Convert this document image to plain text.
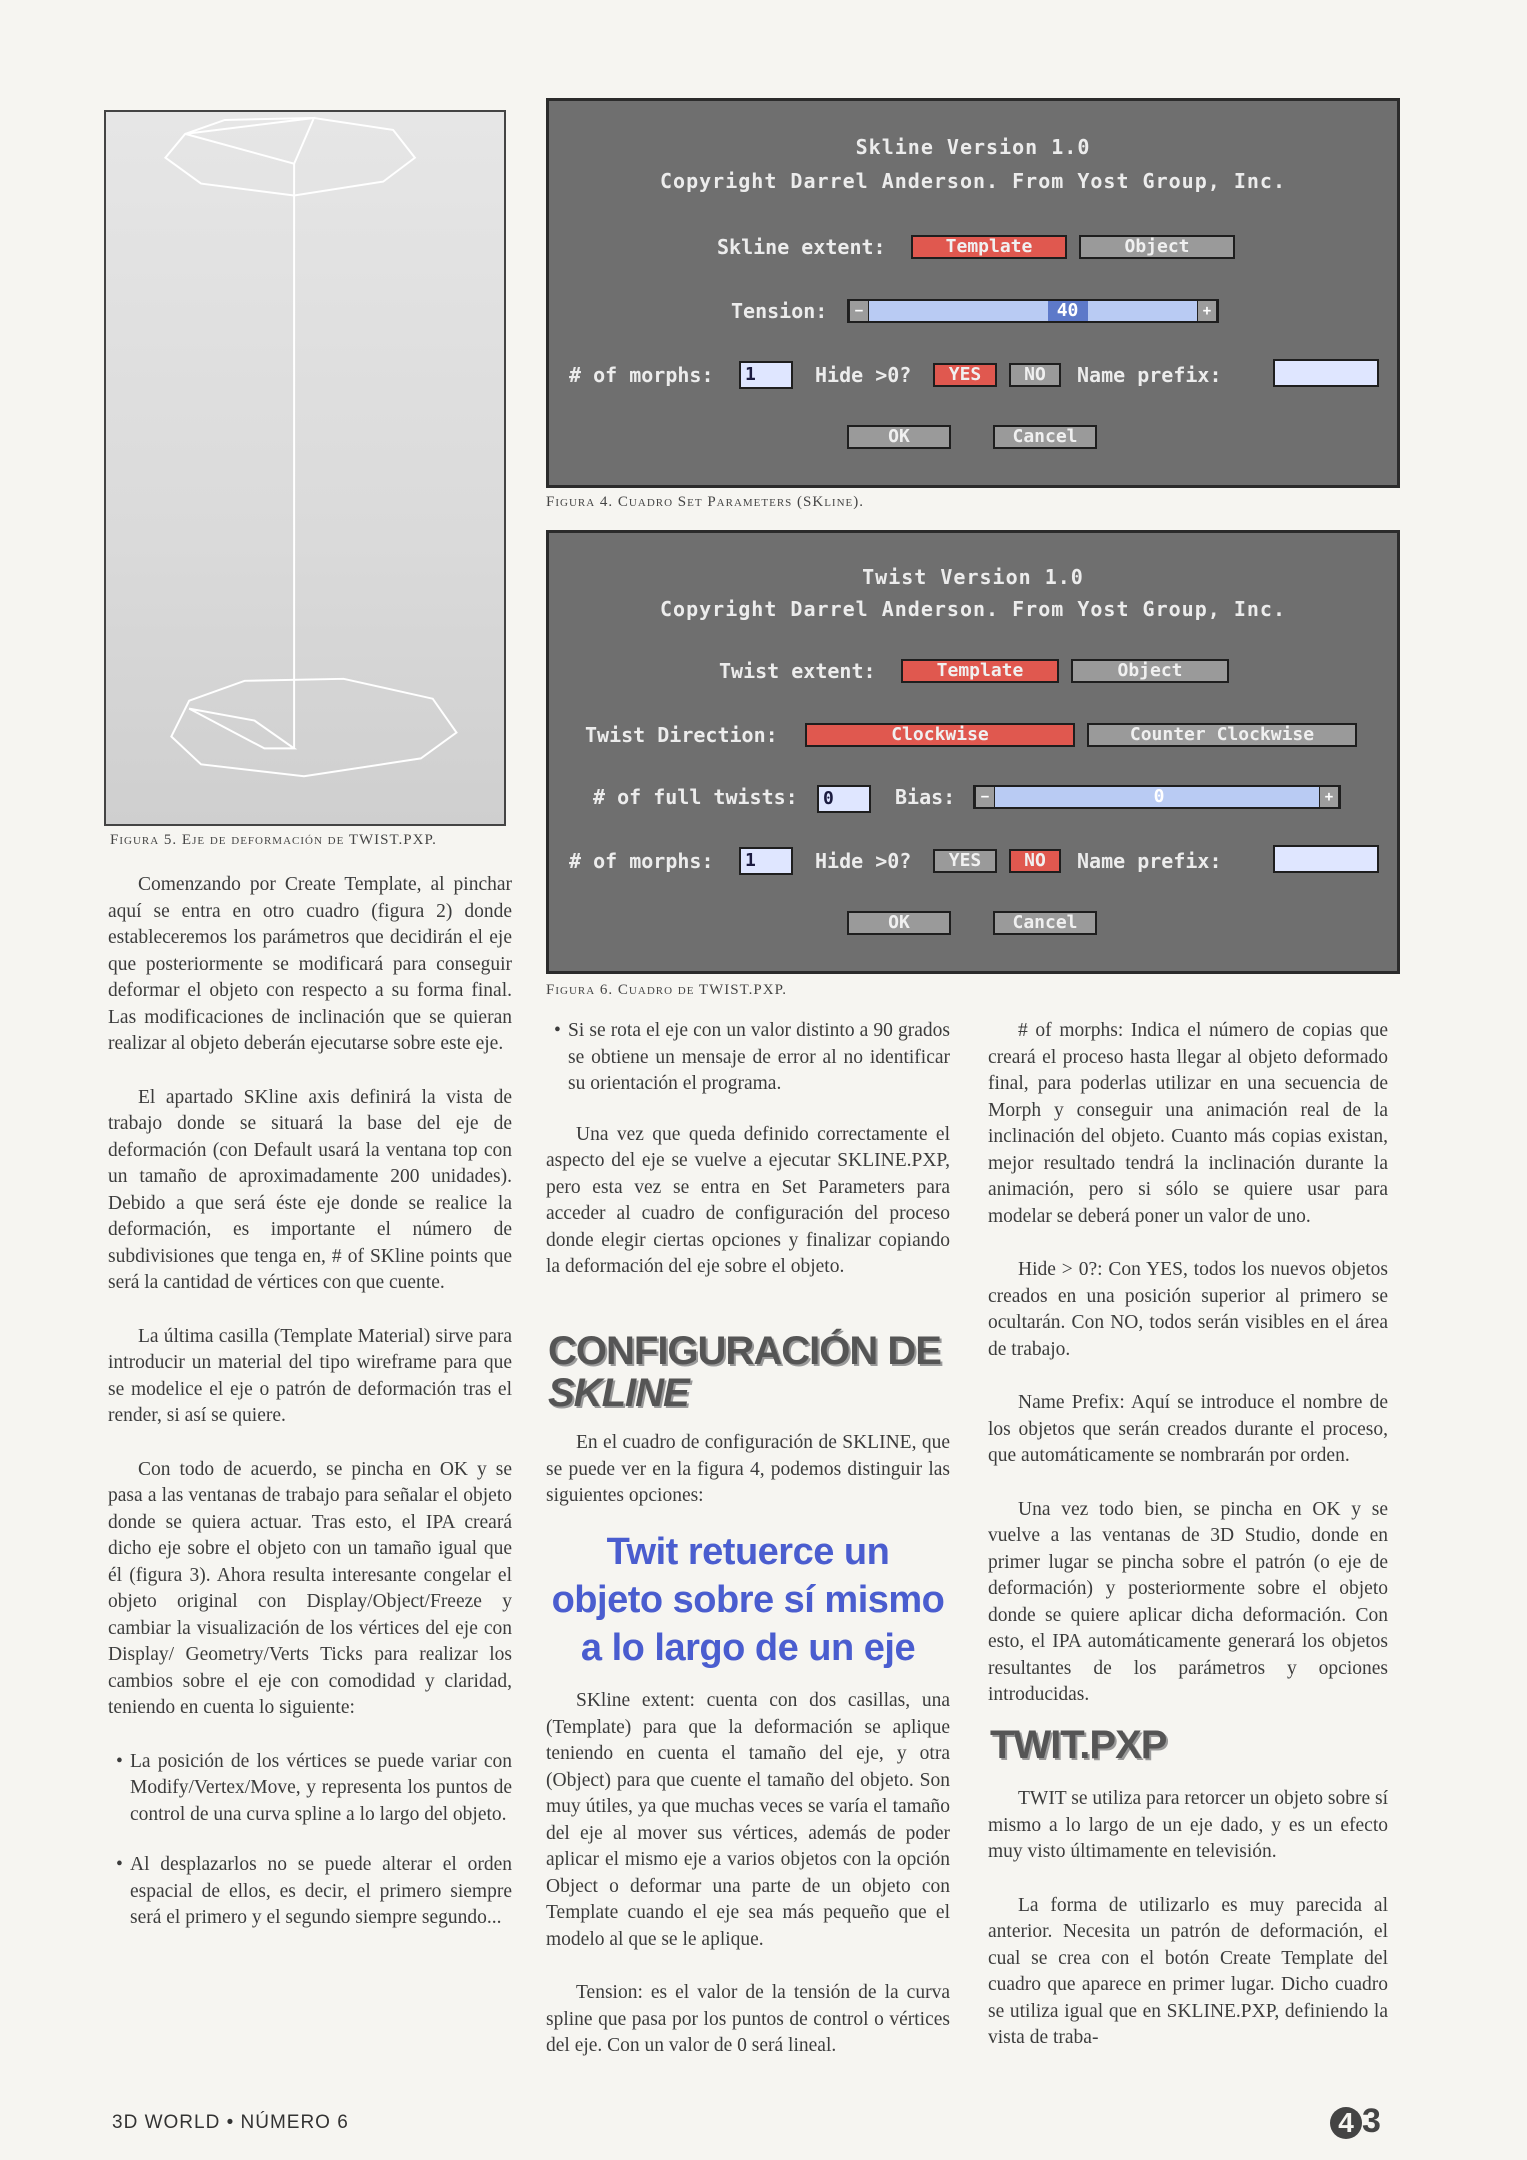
Figura 5. Eje de deformación de TWIST.PXP.
Skline Version 1.0
Copyright Darrel Anderson. From Yost Group, Inc.
Skline extent:	Template	Object
Tension:	−	40	+
# of morphs:	1	Hide >0?	YES	NO	Name prefix:
OK	Cancel
Figura 4. Cuadro Set Parameters (SKline).
Twist Version 1.0
Copyright Darrel Anderson. From Yost Group, Inc.
Twist extent:	Template	Object
Twist Direction:	Clockwise	Counter Clockwise
# of full twists:	0	Bias:	−	0	+
# of morphs:	1	Hide >0?	YES	NO	Name prefix:
OK	Cancel
Figura 6. Cuadro de TWIST.PXP.

Comenzando por Create Template, al pinchar aquí se entra en otro cuadro (figura 2) donde estableceremos los parámetros que decidirán el eje que posteriormente se modificará para conseguir deformar el objeto con respecto a su forma final. Las modificaciones de inclinación que se quieran realizar al objeto deberán ejecutarse sobre este eje.

El apartado SKline axis definirá la vista de trabajo donde se situará la base del eje de deformación (con Default usará la ventana top con un tamaño de aproximadamente 200 unidades). Debido a que será éste eje donde se realice la deformación, es importante el número de subdivisiones que tenga en, # of SKline points que será la cantidad de vértices con que cuente.

La última casilla (Template Material) sirve para introducir un material del tipo wireframe para que se modelice el eje o patrón de deformación tras el render, si así se quiere.

Con todo de acuerdo, se pincha en OK y se pasa a las ventanas de trabajo para señalar el objeto donde se quiera actuar. Tras esto, el IPA creará dicho eje sobre el objeto con un tamaño igual que él (figura 3). Ahora resulta interesante congelar el objeto original con Display/Object/Freeze y cambiar la visualización de los vértices del eje con Display/ Geometry/Verts Ticks para realizar los cambios sobre el eje con comodidad y claridad, teniendo en cuenta lo siguiente:

• La posición de los vértices se puede variar con Modify/Vertex/Move, y representa los puntos de control de una curva spline a lo largo del objeto.

• Al desplazarlos no se puede alterar el orden espacial de ellos, es decir, el primero siempre será el primero y el segundo siempre segundo...

• Si se rota el eje con un valor distinto a 90 grados se obtiene un mensaje de error al no identificar su orientación el programa.

Una vez que queda definido correctamente el aspecto del eje se vuelve a ejecutar SKLINE.PXP, pero esta vez se entra en Set Parameters para acceder al cuadro de configuración del proceso donde elegir ciertas opciones y finalizar copiando la deformación del eje sobre el objeto.

CONFIGURACIÓN DE
SKLINE

En el cuadro de configuración de SKLINE, que se puede ver en la figura 4, podemos distinguir las siguientes opciones:

Twit retuerce un
objeto sobre sí mismo
a lo largo de un eje

SKline extent: cuenta con dos casillas, una (Template) para que la deformación se aplique teniendo en cuenta el tamaño del eje, y otra (Object) para que cuente el tamaño del objeto. Son muy útiles, ya que muchas veces se varía el tamaño del eje al mover sus vértices, además de poder aplicar el mismo eje a varios objetos con la opción Object o deformar una parte de un objeto con Template cuando el eje sea más pequeño que el modelo al que se le aplique.

Tension: es el valor de la tensión de la curva spline que pasa por los puntos de control o vértices del eje. Con un valor de 0 será lineal.

# of morphs: Indica el número de copias que creará el proceso hasta llegar al objeto deformado final, para poderlas utilizar en una secuencia de Morph y conseguir una animación real de la inclinación del objeto. Cuanto más copias existan, mejor resultado tendrá la inclinación durante la animación, pero si sólo se quiere usar para modelar se deberá poner un valor de uno.

Hide > 0?: Con YES, todos los nuevos objetos creados en una posición superior al primero se ocultarán. Con NO, todos serán visibles en el área de trabajo.

Name Prefix: Aquí se introduce el nombre de los objetos que serán creados durante el proceso, que automáticamente se nombrarán por orden.

Una vez todo bien, se pincha en OK y se vuelve a las ventanas de 3D Studio, donde en primer lugar se pincha sobre el patrón (o eje de deformación) y posteriormente sobre el objeto donde se quiere aplicar dicha deformación. Con esto, el IPA automáticamente generará los objetos resultantes de los parámetros y opciones introducidas.

TWIT.PXP

TWIT se utiliza para retorcer un objeto sobre sí mismo a lo largo de un eje dado, y es un efecto muy visto últimamente en televisión.

La forma de utilizarlo es muy parecida al anterior. Necesita un patrón de deformación, el cual se crea con el botón Create Template del cuadro que aparece en primer lugar. Dicho cuadro se utiliza igual que en SKLINE.PXP, definiendo la vista de traba-

3D WORLD • NÚMERO 6	4 3
